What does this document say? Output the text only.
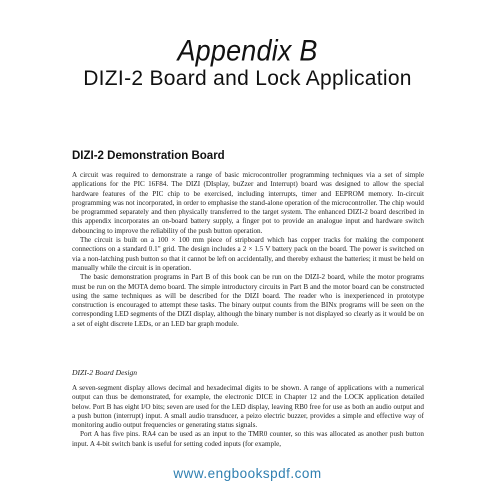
Appendix B
DIZI-2 Board and Lock Application
DIZI-2 Demonstration Board

A circuit was required to demonstrate a range of basic microcontroller programming techniques via a set of simple applications for the PIC 16F84. The DIZI (DIsplay, buZzer and Interrupt) board was designed to allow the special hardware features of the PIC chip to be exercised, including interrupts, timer and EEPROM memory. In-circuit programming was not incorporated, in order to emphasise the stand-alone operation of the microcontroller. The chip would be programmed separately and then physically transferred to the target system. The enhanced DIZI-2 board described in this appendix incorporates an on-board battery supply, a finger pot to provide an analogue input and hardware switch debouncing to improve the reliability of the push button operation.

The circuit is built on a 100 × 100 mm piece of stripboard which has copper tracks for making the component connections on a standard 0.1" grid. The design includes a 2 × 1.5 V battery pack on the board. The power is switched on via a non-latching push button so that it cannot be left on accidentally, and thereby exhaust the batteries; it must be held on manually while the circuit is in operation.

The basic demonstration programs in Part B of this book can be run on the DIZI-2 board, while the motor programs must be run on the MOTA demo board. The simple introductory circuits in Part B and the motor board can be constructed using the same techniques as will be described for the DIZI board. The reader who is inexperienced in prototype construction is encouraged to attempt these tasks. The binary output counts from the BINx programs will be seen on the corresponding LED segments of the DIZI display, although the binary number is not displayed so clearly as it would be on a set of eight discrete LEDs, or an LED bar graph module.

DIZI-2 Board Design

A seven-segment display allows decimal and hexadecimal digits to be shown. A range of applications with a numerical output can thus be demonstrated, for example, the electronic DICE in Chapter 12 and the LOCK application detailed below. Port B has eight I/O bits; seven are used for the LED display, leaving RB0 free for use as both an audio output and a push button (interrupt) input. A small audio transducer, a peizo electric buzzer, provides a simple and effective way of monitoring audio output frequencies or generating status signals.

Port A has five pins. RA4 can be used as an input to the TMR0 counter, so this was allocated as another push button input. A 4-bit switch bank is useful for setting coded inputs (for example,

www.engbookspdf.com
